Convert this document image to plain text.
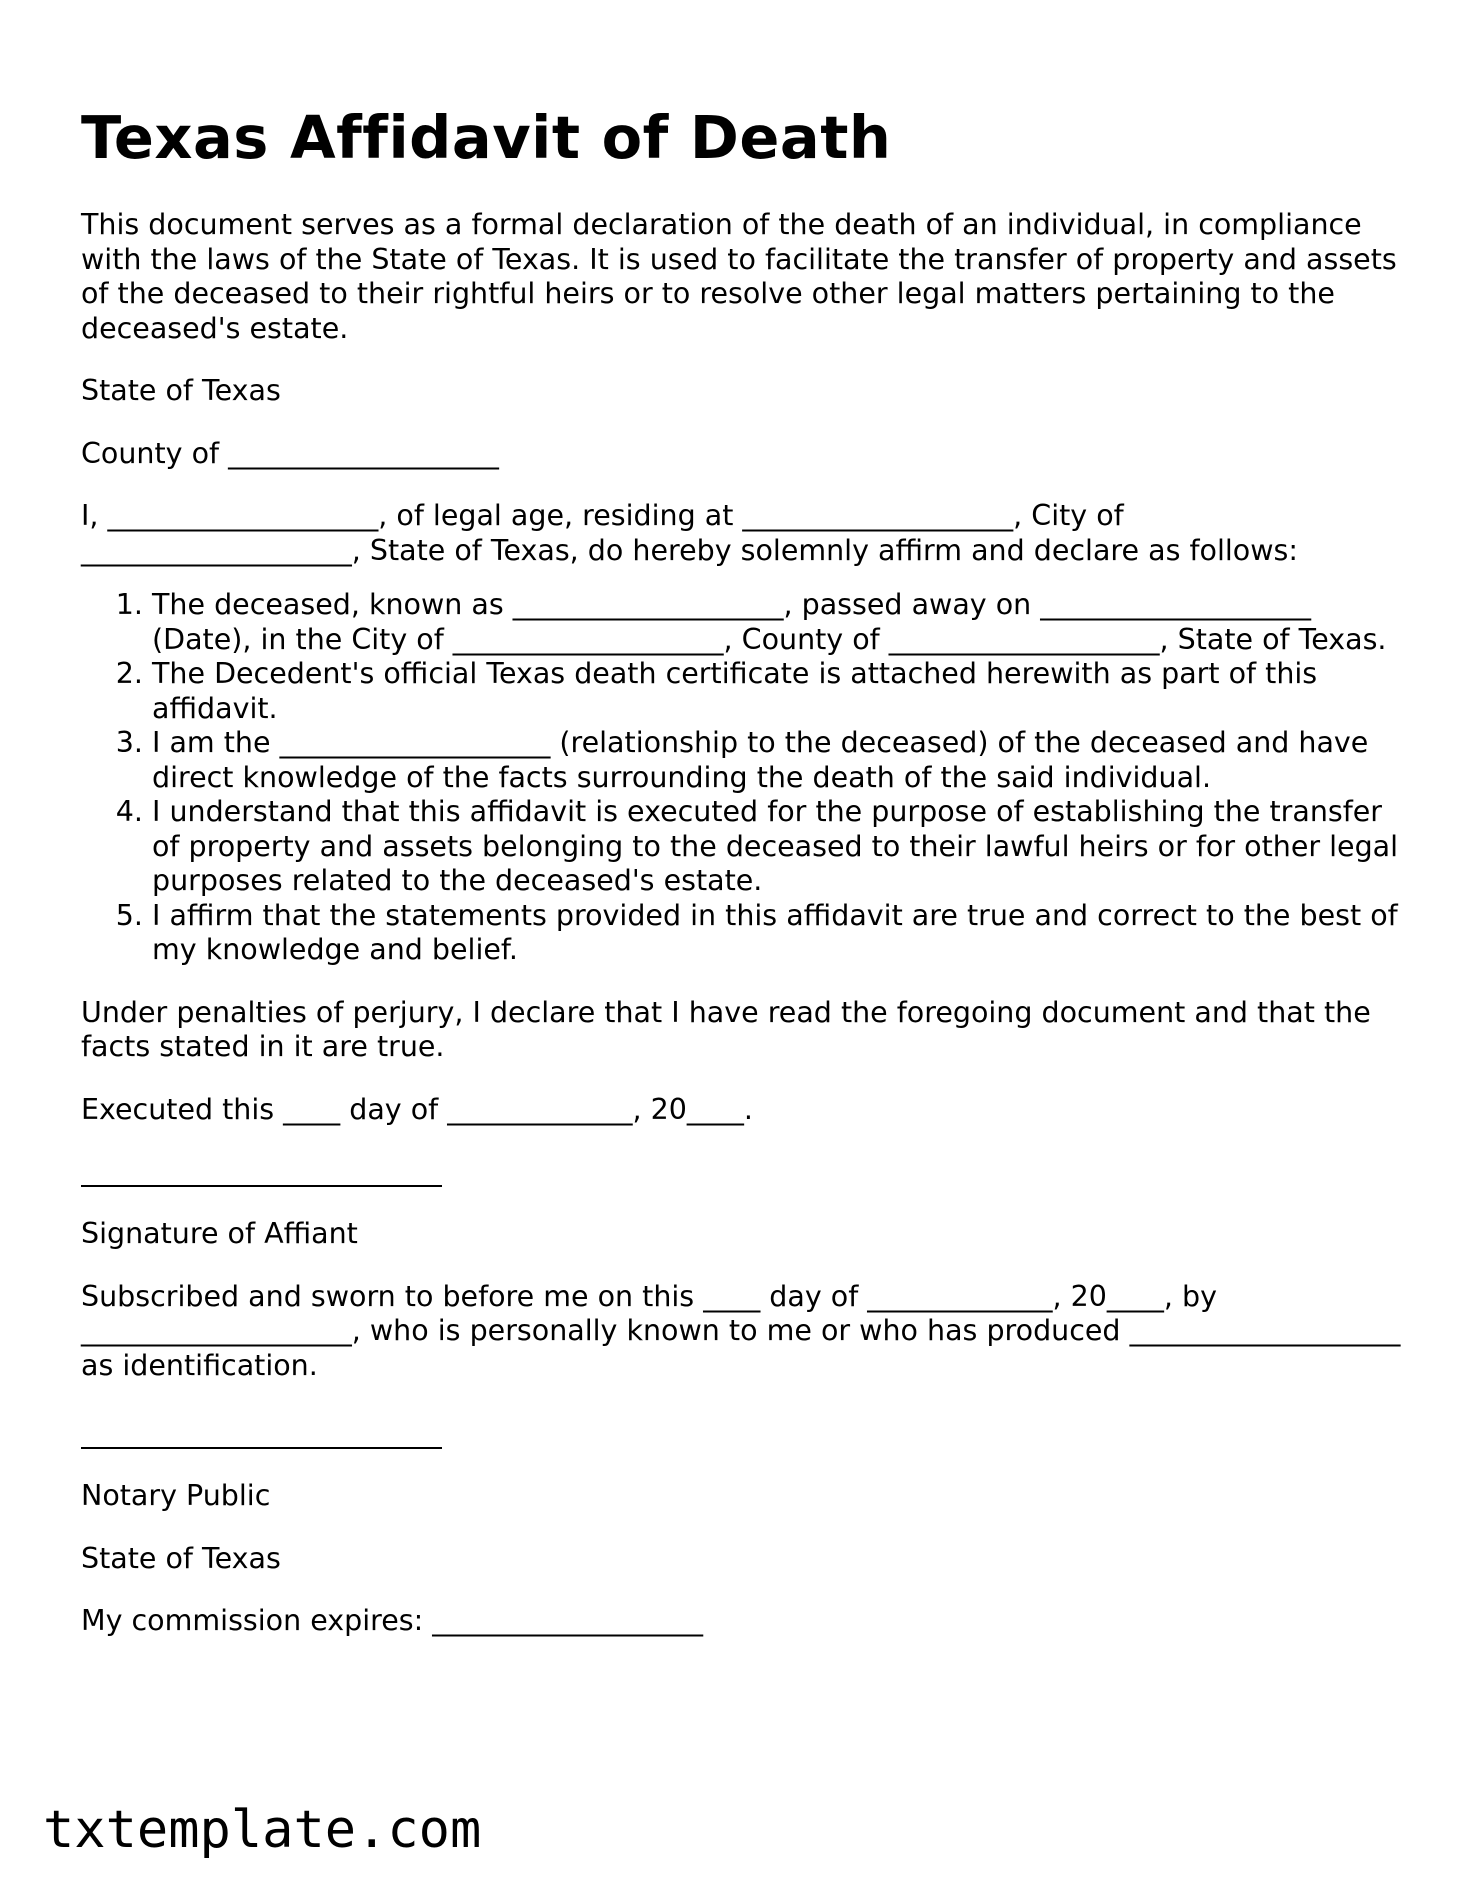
Texas Affidavit of Death

This document serves as a formal declaration of the death of an individual, in compliance with the laws of the State of Texas. It is used to facilitate the transfer of property and assets of the deceased to their rightful heirs or to resolve other legal matters pertaining to the deceased's estate.

State of Texas

County of ___________________

I, ___________________, of legal age, residing at ___________________, City of ___________________, State of Texas, do hereby solemnly affirm and declare as follows:

1. The deceased, known as ___________________, passed away on ___________________ (Date), in the City of ___________________, County of ___________________, State of Texas.
2. The Decedent's official Texas death certificate is attached herewith as part of this affidavit.
3. I am the ___________________ (relationship to the deceased) of the deceased and have direct knowledge of the facts surrounding the death of the said individual.
4. I understand that this affidavit is executed for the purpose of establishing the transfer of property and assets belonging to the deceased to their lawful heirs or for other legal purposes related to the deceased's estate.
5. I affirm that the statements provided in this affidavit are true and correct to the best of my knowledge and belief.

Under penalties of perjury, I declare that I have read the foregoing document and that the facts stated in it are true.

Executed this ____ day of _____________, 20____.

Signature of Affiant

Subscribed and sworn to before me on this ____ day of _____________, 20____, by ___________________, who is personally known to me or who has produced ___________________ as identification.

Notary Public

State of Texas

My commission expires: ___________________

txtemplate.com
